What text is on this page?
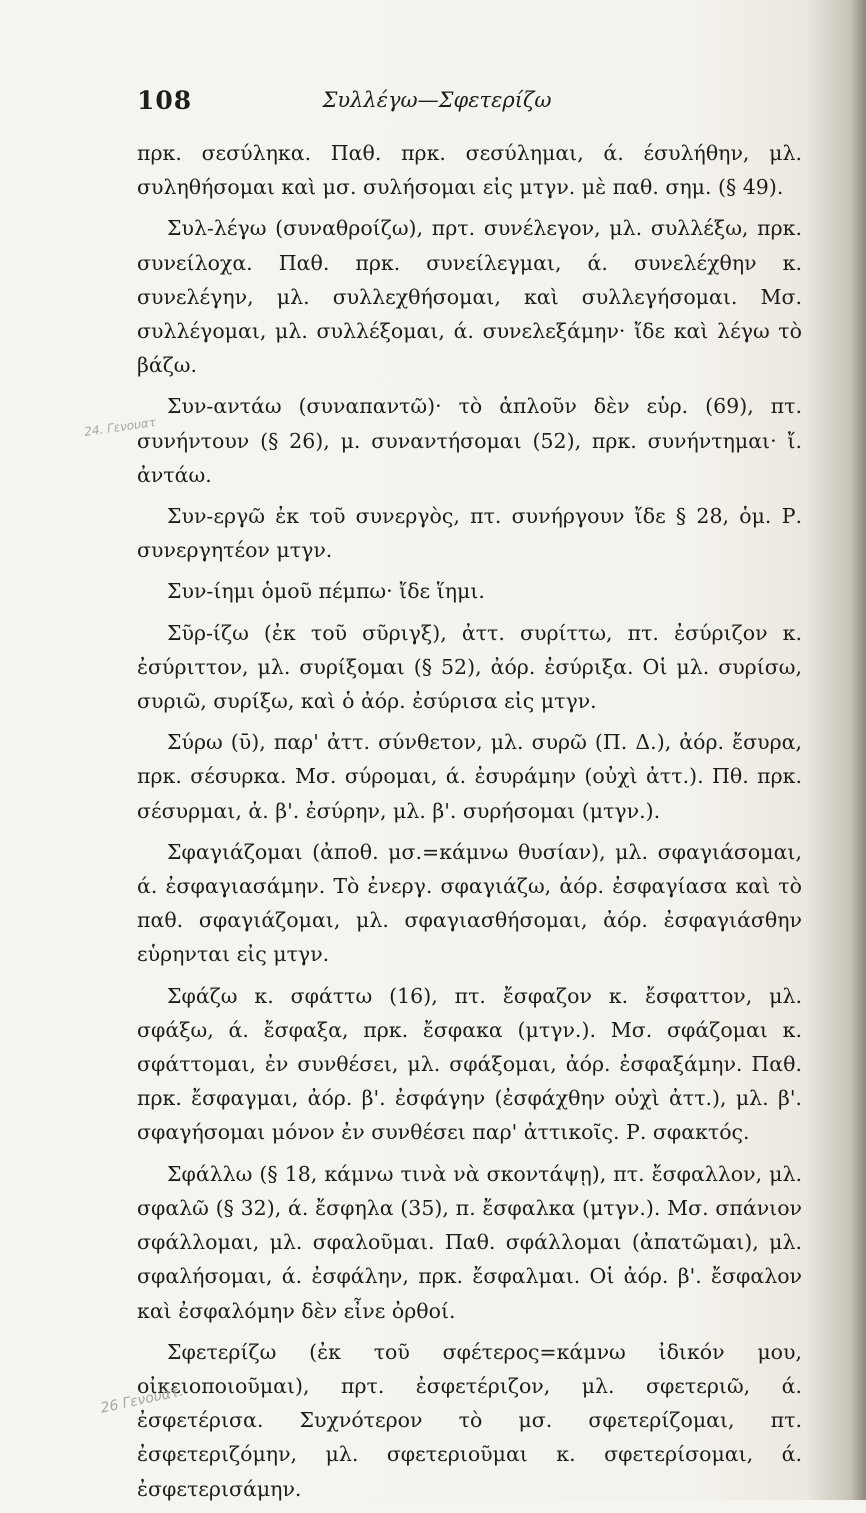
108	Συλλέγω—Σφετερίζω

πρκ. σεσύληκα. Παθ. πρκ. σεσύλημαι, ά. έσυλήθην, μλ. συληθήσομαι καὶ μσ. συλήσομαι εἰς μτγν. μὲ παθ. σημ. (§ 49).

Συλ-λέγω (συναθροίζω), πρτ. συνέλεγον, μλ. συλλέξω, πρκ. συνείλοχα. Παθ. πρκ. συνείλεγμαι, ά. συνελέχθην κ. συνελέγην, μλ. συλλεχθήσομαι, καὶ συλλεγήσομαι. Μσ. συλλέγομαι, μλ. συλλέξομαι, ά. συνελεξάμην· ἴδε καὶ λέγω τὸ βάζω.

Συν-αντάω (συναπαντῶ)· τὸ ἁπλοῦν δὲν εὑρ. (69), πτ. συνήντουν (§ 26), μ. συναντήσομαι (52), πρκ. συνήντημαι· ἴ. ἀντάω.

Συν-εργῶ ἐκ τοῦ συνεργὸς, πτ. συνήργουν ἴδε § 28, ὁμ. Ρ. συνεργητέον μτγν.

Συν-ίημι ὁμοῦ πέμπω· ἴδε ἵημι.

Σῦρ-ίζω (ἐκ τοῦ σῦριγξ), ἀττ. συρίττω, πτ. ἐσύριζον κ. ἐσύριττον, μλ. συρίξομαι (§ 52), ἀόρ. ἐσύριξα. Οἱ μλ. συρίσω, συριῶ, συρίξω, καὶ ὁ ἀόρ. ἐσύρισα εἰς μτγν.

Σύρω (ῡ), παρ' ἀττ. σύνθετον, μλ. συρῶ (Π. Δ.), ἀόρ. ἔσυρα, πρκ. σέσυρκα. Μσ. σύρομαι, ά. ἐσυράμην (οὐχὶ ἀττ.). Πθ. πρκ. σέσυρμαι, ἀ. β'. ἐσύρην, μλ. β'. συρήσομαι (μτγν.).

Σφαγιάζομαι (ἀποθ. μσ.=κάμνω θυσίαν), μλ. σφαγιάσομαι, ά. ἐσφαγιασάμην. Τὸ ἐνεργ. σφαγιάζω, ἀόρ. ἐσφαγίασα καὶ τὸ παθ. σφαγιάζομαι, μλ. σφαγιασθήσομαι, ἀόρ. ἐσφαγιάσθην εὑρηνται εἰς μτγν.

Σφάζω κ. σφάττω (16), πτ. ἔσφαζον κ. ἔσφαττον, μλ. σφάξω, ά. ἔσφαξα, πρκ. ἔσφακα (μτγν.). Μσ. σφάζομαι κ. σφάττομαι, ἐν συνθέσει, μλ. σφάξομαι, ἀόρ. ἐσφαξάμην. Παθ. πρκ. ἔσφαγμαι, ἀόρ. β'. ἐσφάγην (ἐσφάχθην οὐχὶ ἀττ.), μλ. β'. σφαγήσομαι μόνον ἐν συνθέσει παρ' ἀττικοῖς. Ρ. σφακτός.

Σφάλλω (§ 18, κάμνω τινὰ νὰ σκοντάψῃ), πτ. ἔσφαλλον, μλ. σφαλῶ (§ 32), ά. ἔσφηλα (35), π. ἔσφαλκα (μτγν.). Μσ. σπάνιον σφάλλομαι, μλ. σφαλοῦμαι. Παθ. σφάλλομαι (ἀπατῶμαι), μλ. σφαλήσομαι, ά. ἐσφάλην, πρκ. ἔσφαλμαι. Οἱ ἀόρ. β'. ἔσφαλον καὶ ἐσφαλόμην δὲν εἶνε ὀρθοί.

Σφετερίζω (ἐκ τοῦ σφέτερος=κάμνω ἰδικόν μου, οἰκειοποιοῦμαι), πρτ. ἐσφετέριζον, μλ. σφετεριῶ, ά. ἐσφετέρισα. Συχνότερον τὸ μσ. σφετερίζομαι, πτ. ἐσφετεριζόμην, μλ. σφετεριοῦμαι κ. σφετερίσομαι, ά. ἐσφετερισάμην.

24. Γενουατ
26 Γενουατ.
